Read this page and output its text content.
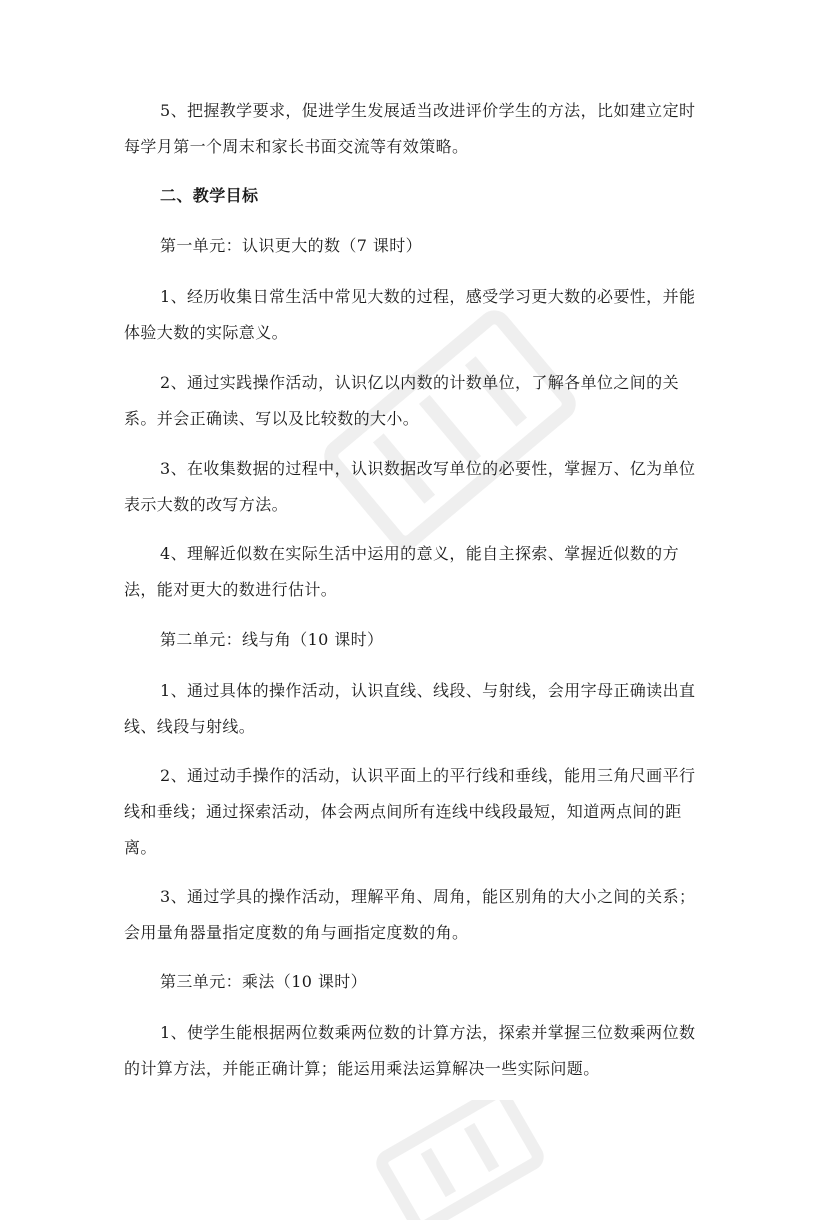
5、把握教学要求，促进学生发展适当改进评价学生的方法，比如建立定时
每学月第一个周末和家长书面交流等有效策略。

二、教学目标

第一单元：认识更大的数（7 课时）

1、经历收集日常生活中常见大数的过程，感受学习更大数的必要性，并能
体验大数的实际意义。

2、通过实践操作活动，认识亿以内数的计数单位，了解各单位之间的关
系。并会正确读、写以及比较数的大小。

3、在收集数据的过程中，认识数据改写单位的必要性，掌握万、亿为单位
表示大数的改写方法。

4、理解近似数在实际生活中运用的意义，能自主探索、掌握近似数的方
法，能对更大的数进行估计。

第二单元：线与角（10 课时）

1、通过具体的操作活动，认识直线、线段、与射线，会用字母正确读出直
线、线段与射线。

2、通过动手操作的活动，认识平面上的平行线和垂线，能用三角尺画平行
线和垂线；通过探索活动，体会两点间所有连线中线段最短，知道两点间的距
离。

3、通过学具的操作活动，理解平角、周角，能区别角的大小之间的关系；
会用量角器量指定度数的角与画指定度数的角。

第三单元：乘法（10 课时）

1、使学生能根据两位数乘两位数的计算方法，探索并掌握三位数乘两位数
的计算方法，并能正确计算；能运用乘法运算解决一些实际问题。
